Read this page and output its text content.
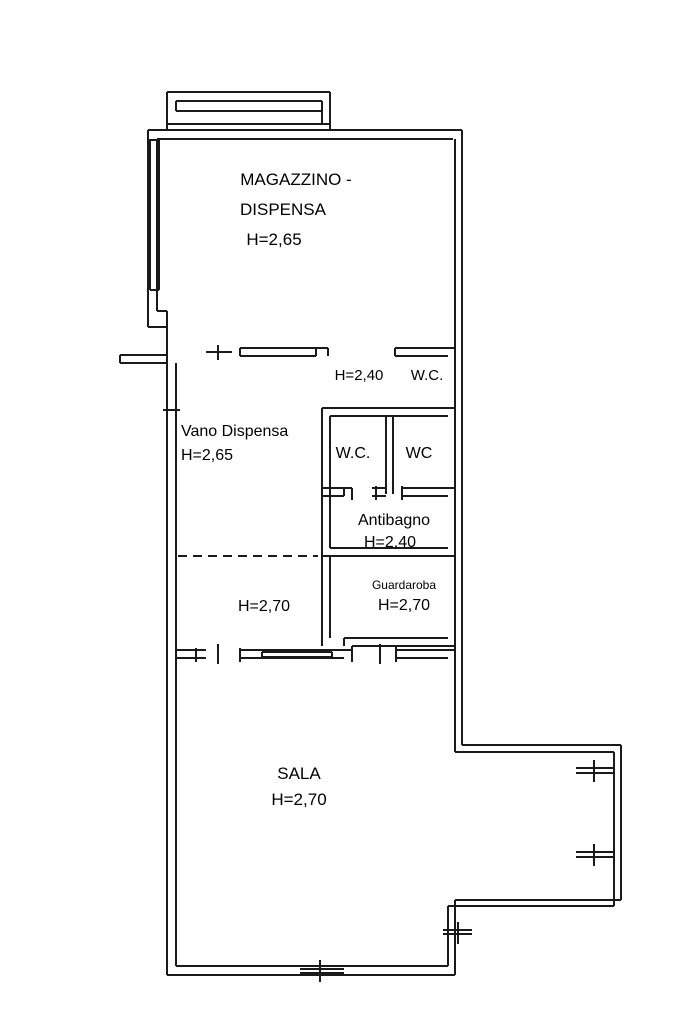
MAGAZZINO -
DISPENSA
H=2,65
H=2,40 W.C.
Vano Dispensa
H=2,65	W.C. WC
Antibagno
H=2,40
Guardaroba
H=2,70
H=2,70
SALA
H=2,70
